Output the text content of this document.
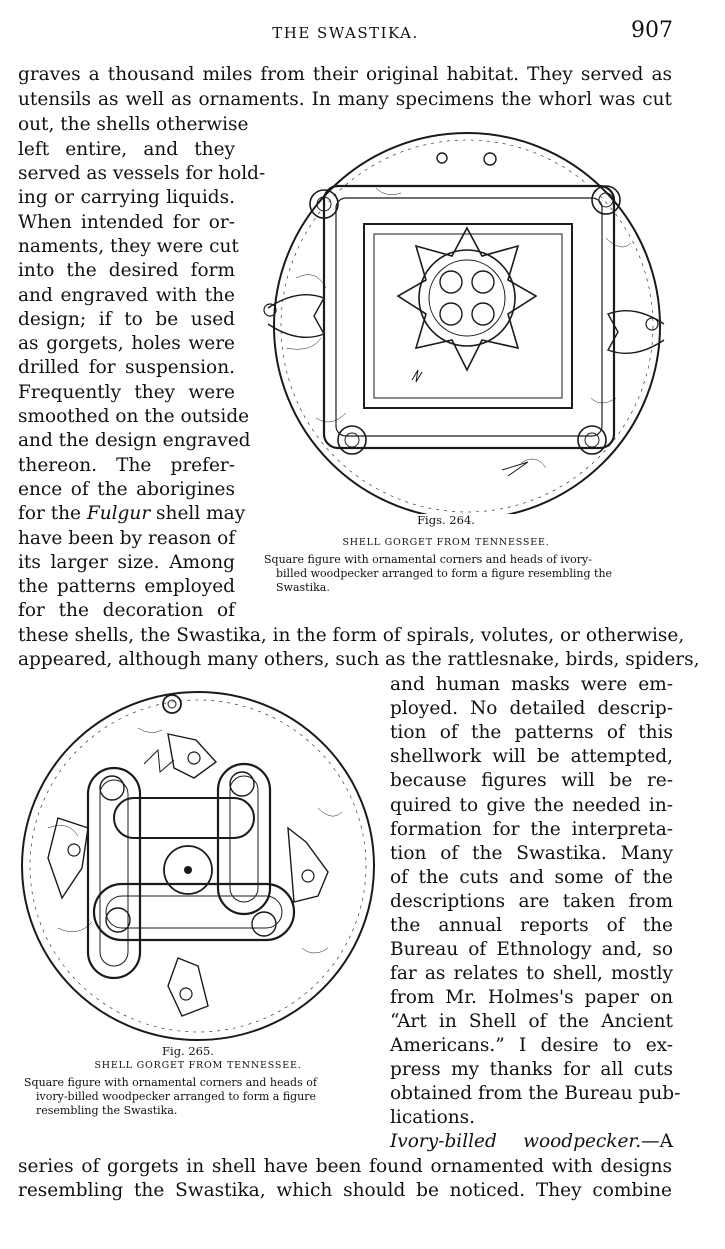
THE SWASTIKA.	907
graves a thousand miles from their original habitat. They served as
utensils as well as ornaments. In many specimens the whorl was cut
out, the shells otherwise
left entire, and they
served as vessels for hold-
ing or carrying liquids.
When intended for or-
naments, they were cut
into the desired form
and engraved with the
design; if to be used
as gorgets, holes were
drilled for suspension.
Frequently they were
smoothed on the outside
and the design engraved
thereon. The prefer-
ence of the aborigines
for the Fulgur shell may
have been by reason of
its larger size. Among
the patterns employed
for the decoration of
these shells, the Swastika, in the form of spirals, volutes, or otherwise,
appeared, although many others, such as the rattlesnake, birds, spiders,
and human masks were em-
ployed. No detailed descrip-
tion of the patterns of this
shellwork will be attempted,
because figures will be re-
quired to give the needed in-
formation for the interpreta-
tion of the Swastika. Many
of the cuts and some of the
descriptions are taken from
the annual reports of the
Bureau of Ethnology and, so
far as relates to shell, mostly
from Mr. Holmes's paper on
“Art in Shell of the Ancient
Americans.” I desire to ex-
press my thanks for all cuts
obtained from the Bureau pub-
lications.
Ivory-billed woodpecker.—A
series of gorgets in shell have been found ornamented with designs
resembling the Swastika, which should be noticed. They combine
Figs. 264.
SHELL GORGET FROM TENNESSEE.
Square figure with ornamental corners and heads of ivory-
billed woodpecker arranged to form a figure resembling the
Swastika.
Fig. 265.
SHELL GORGET FROM TENNESSEE.
Square figure with ornamental corners and heads of
ivory-billed woodpecker arranged to form a figure
resembling the Swastika.
